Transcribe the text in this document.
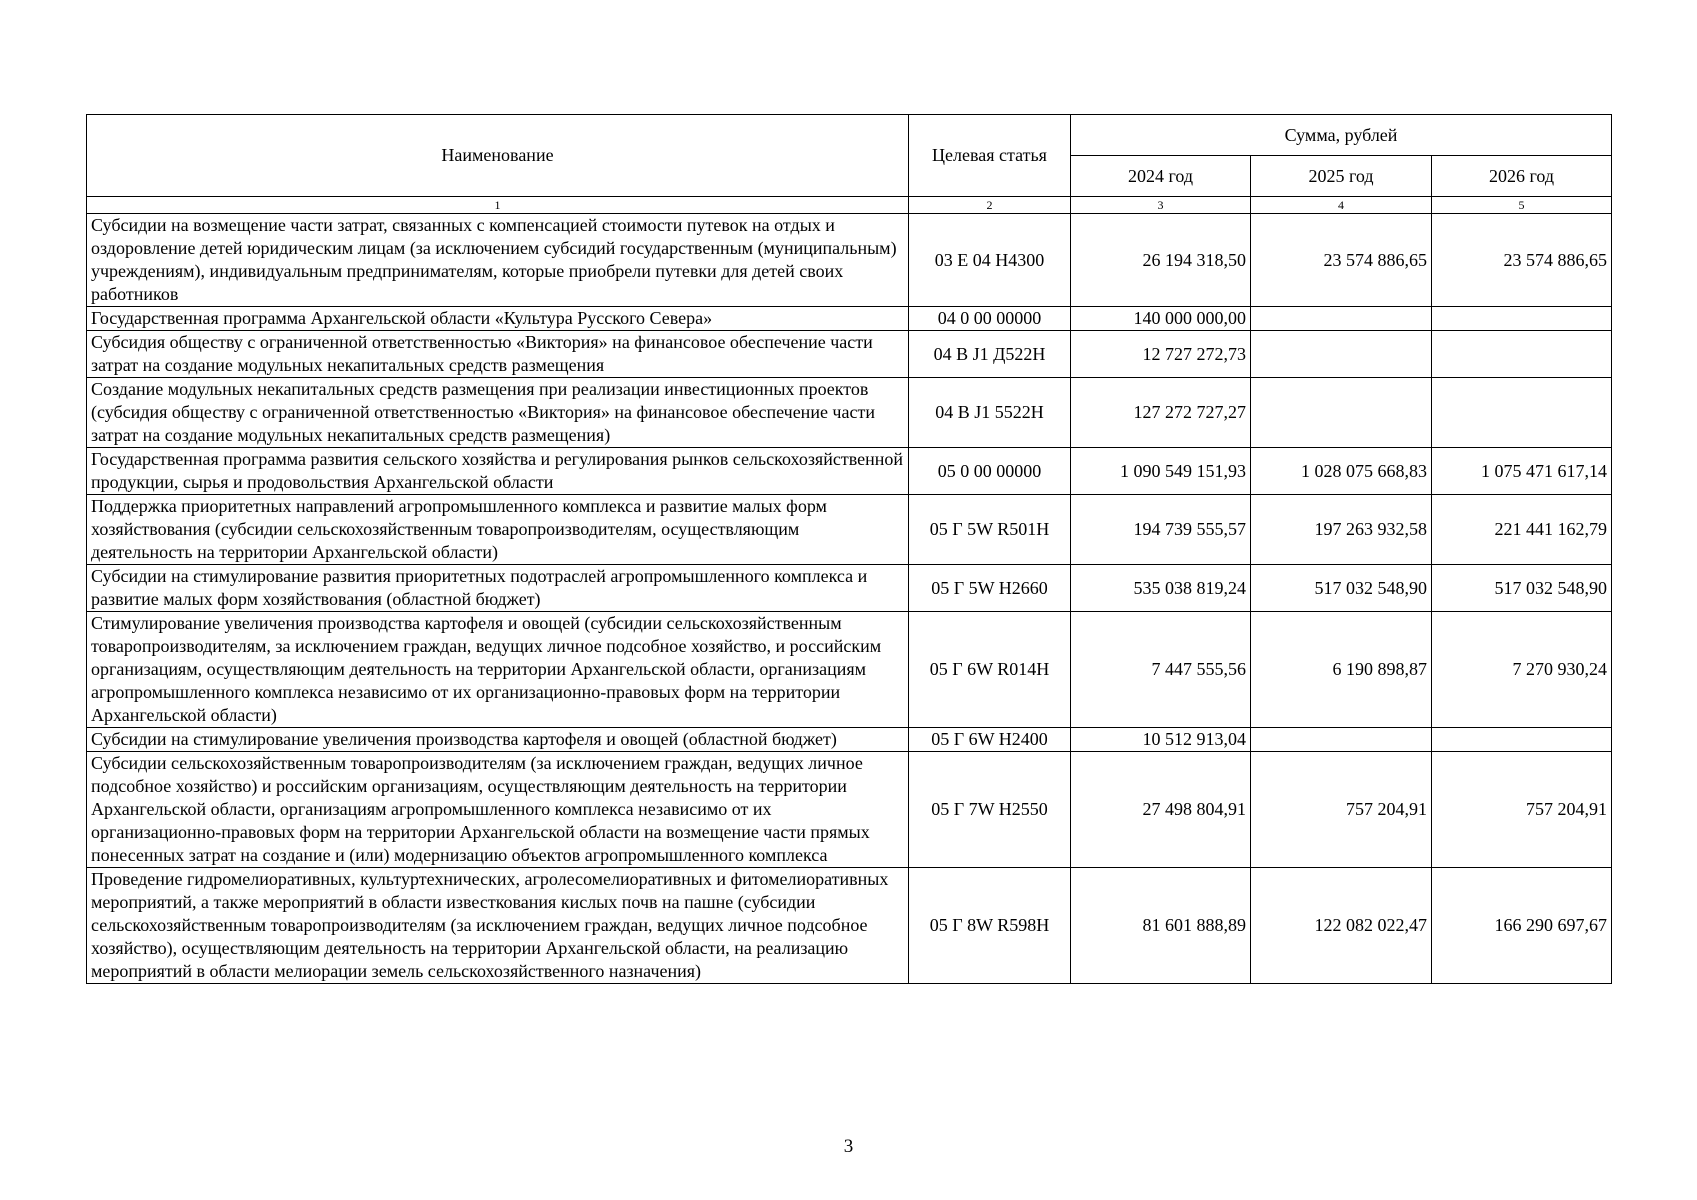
Наименование	Целевая статья	Сумма, рублей		
		2024 год	2025 год	2026 год
1	2	3	4	5
Субсидии на возмещение части затрат, связанных с компенсацией стоимости путевок на отдых и оздоровление детей юридическим лицам (за исключением субсидий государственным (муниципальным) учреждениям), индивидуальным предпринимателям, которые приобрели путевки для детей своих работников	03 Е 04 Н4300	26 194 318,50	23 574 886,65	23 574 886,65
Государственная программа Архангельской области «Культура Русского Севера»	04 0 00 00000	140 000 000,00		
Субсидия обществу с ограниченной ответственностью «Виктория» на финансовое обеспечение части затрат на создание модульных некапитальных средств размещения	04 В J1 Д522Н	12 727 272,73		
Создание модульных некапитальных средств размещения при реализации инвестиционных проектов (субсидия обществу с ограниченной ответственностью «Виктория» на финансовое обеспечение части затрат на создание модульных некапитальных средств размещения)	04 В J1 5522Н	127 272 727,27		
Государственная программа развития сельского хозяйства и регулирования рынков сельскохозяйственной продукции, сырья и продовольствия Архангельской области	05 0 00 00000	1 090 549 151,93	1 028 075 668,83	1 075 471 617,14
Поддержка приоритетных направлений агропромышленного комплекса и развитие малых форм хозяйствования (субсидии сельскохозяйственным товаропроизводителям, осуществляющим деятельность на территории Архангельской области)	05 Г 5W R501Н	194 739 555,57	197 263 932,58	221 441 162,79
Субсидии на стимулирование развития приоритетных подотраслей агропромышленного комплекса и развитие малых форм хозяйствования (областной бюджет)	05 Г 5W Н2660	535 038 819,24	517 032 548,90	517 032 548,90
Стимулирование увеличения производства картофеля и овощей (субсидии сельскохозяйственным товаропроизводителям, за исключением граждан, ведущих личное подсобное хозяйство, и российским организациям, осуществляющим деятельность на территории Архангельской области, организациям агропромышленного комплекса независимо от их организационно-правовых форм на территории Архангельской области)	05 Г 6W R014Н	7 447 555,56	6 190 898,87	7 270 930,24
Субсидии на стимулирование увеличения производства картофеля и овощей (областной бюджет)	05 Г 6W Н2400	10 512 913,04		
Субсидии сельскохозяйственным товаропроизводителям (за исключением граждан, ведущих личное подсобное хозяйство) и российским организациям, осуществляющим деятельность на территории Архангельской области, организациям агропромышленного комплекса независимо от их организационно-правовых форм на территории Архангельской области на возмещение части прямых понесенных затрат на создание и (или) модернизацию объектов агропромышленного комплекса	05 Г 7W Н2550	27 498 804,91	757 204,91	757 204,91
Проведение гидромелиоративных, культуртехнических, агролесомелиоративных и фитомелиоративных мероприятий, а также мероприятий в области известкования кислых почв на пашне (субсидии сельскохозяйственным товаропроизводителям (за исключением граждан, ведущих личное подсобное хозяйство), осуществляющим деятельность на территории Архангельской области, на реализацию мероприятий в области мелиорации земель сельскохозяйственного назначения)	05 Г 8W R598Н	81 601 888,89	122 082 022,47	166 290 697,67
3
